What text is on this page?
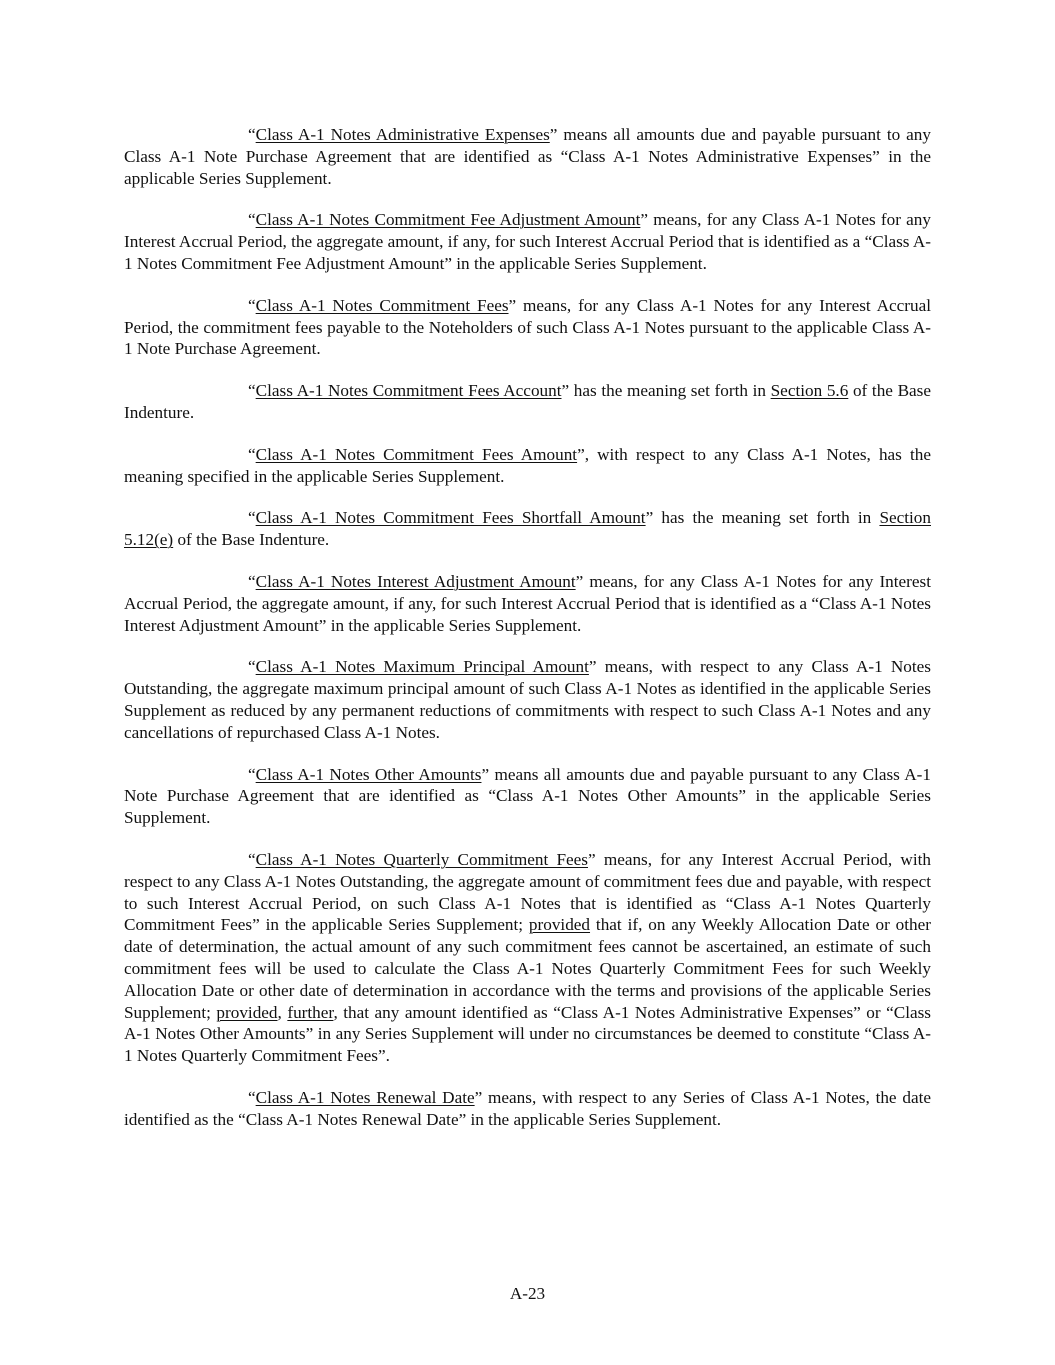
“Class A-1 Notes Administrative Expenses” means all amounts due and payable pursuant to any Class A-1 Note Purchase Agreement that are identified as “Class A-1 Notes Administrative Expenses” in the applicable Series Supplement.

“Class A-1 Notes Commitment Fee Adjustment Amount” means, for any Class A-1 Notes for any Interest Accrual Period, the aggregate amount, if any, for such Interest Accrual Period that is identified as a “Class A-1 Notes Commitment Fee Adjustment Amount” in the applicable Series Supplement.

“Class A-1 Notes Commitment Fees” means, for any Class A-1 Notes for any Interest Accrual Period, the commitment fees payable to the Noteholders of such Class A-1 Notes pursuant to the applicable Class A-1 Note Purchase Agreement.

“Class A-1 Notes Commitment Fees Account” has the meaning set forth in Section 5.6 of the Base Indenture.

“Class A-1 Notes Commitment Fees Amount”, with respect to any Class A-1 Notes, has the meaning specified in the applicable Series Supplement.

“Class A-1 Notes Commitment Fees Shortfall Amount” has the meaning set forth in Section 5.12(e) of the Base Indenture.

“Class A-1 Notes Interest Adjustment Amount” means, for any Class A-1 Notes for any Interest Accrual Period, the aggregate amount, if any, for such Interest Accrual Period that is identified as a “Class A-1 Notes Interest Adjustment Amount” in the applicable Series Supplement.

“Class A-1 Notes Maximum Principal Amount” means, with respect to any Class A-1 Notes Outstanding, the aggregate maximum principal amount of such Class A-1 Notes as identified in the applicable Series Supplement as reduced by any permanent reductions of commitments with respect to such Class A-1 Notes and any cancellations of repurchased Class A-1 Notes.

“Class A-1 Notes Other Amounts” means all amounts due and payable pursuant to any Class A-1 Note Purchase Agreement that are identified as “Class A-1 Notes Other Amounts” in the applicable Series Supplement.

“Class A-1 Notes Quarterly Commitment Fees” means, for any Interest Accrual Period, with respect to any Class A-1 Notes Outstanding, the aggregate amount of commitment fees due and payable, with respect to such Interest Accrual Period, on such Class A-1 Notes that is identified as “Class A-1 Notes Quarterly Commitment Fees” in the applicable Series Supplement; provided that if, on any Weekly Allocation Date or other date of determination, the actual amount of any such commitment fees cannot be ascertained, an estimate of such commitment fees will be used to calculate the Class A-1 Notes Quarterly Commitment Fees for such Weekly Allocation Date or other date of determination in accordance with the terms and provisions of the applicable Series Supplement; provided, further, that any amount identified as “Class A-1 Notes Administrative Expenses” or “Class A-1 Notes Other Amounts” in any Series Supplement will under no circumstances be deemed to constitute “Class A-1 Notes Quarterly Commitment Fees”.

“Class A-1 Notes Renewal Date” means, with respect to any Series of Class A-1 Notes, the date identified as the “Class A-1 Notes Renewal Date” in the applicable Series Supplement.

A-23
